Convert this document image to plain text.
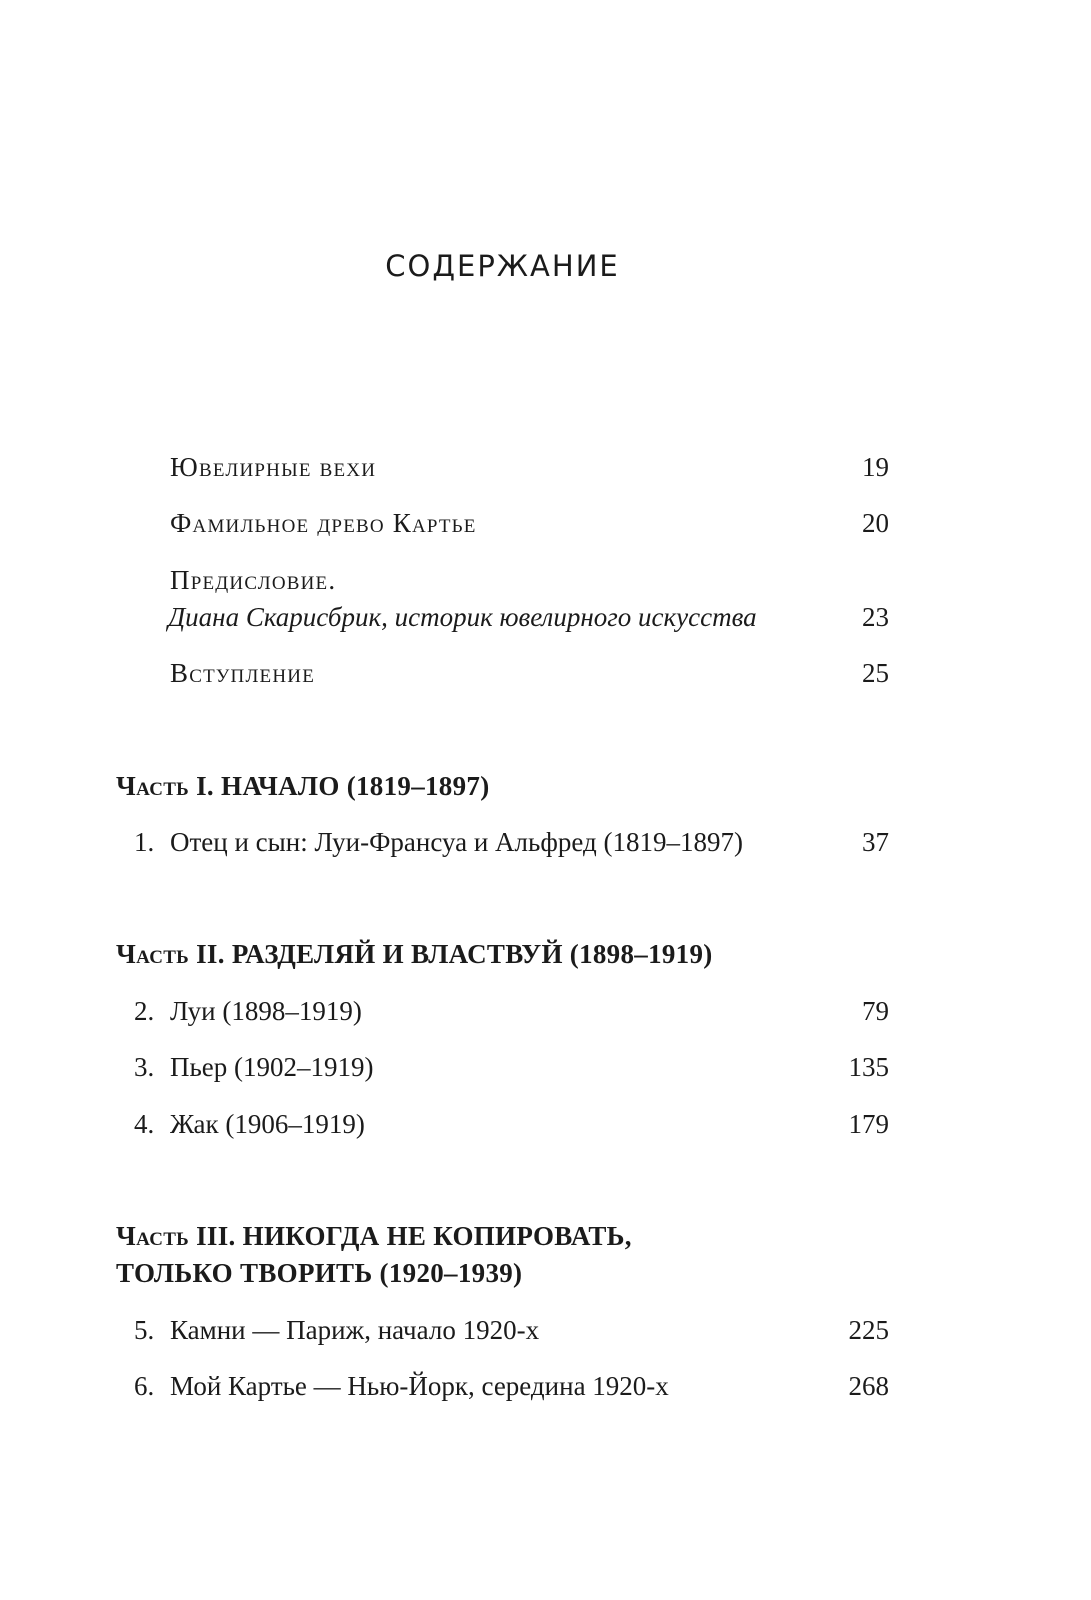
СОДЕРЖАНИЕ
Ювелирные вехи	19
Фамильное древо Картье	20
Предисловие.
Диана Скарисбрик, историк ювелирного искусства	23
Вступление	25
Часть I. НАЧАЛО (1819–1897)
1. Отец и сын: Луи-Франсуа и Альфред (1819–1897)	37
Часть II. РАЗДЕЛЯЙ И ВЛАСТВУЙ (1898–1919)
2. Луи (1898–1919)	79
3. Пьер (1902–1919)	135
4. Жак (1906–1919)	179
Часть III. НИКОГДА НЕ КОПИРОВАТЬ,
ТОЛЬКО ТВОРИТЬ (1920–1939)
5. Камни — Париж, начало 1920-х	225
6. Мой Картье — Нью-Йорк, середина 1920-х	268
